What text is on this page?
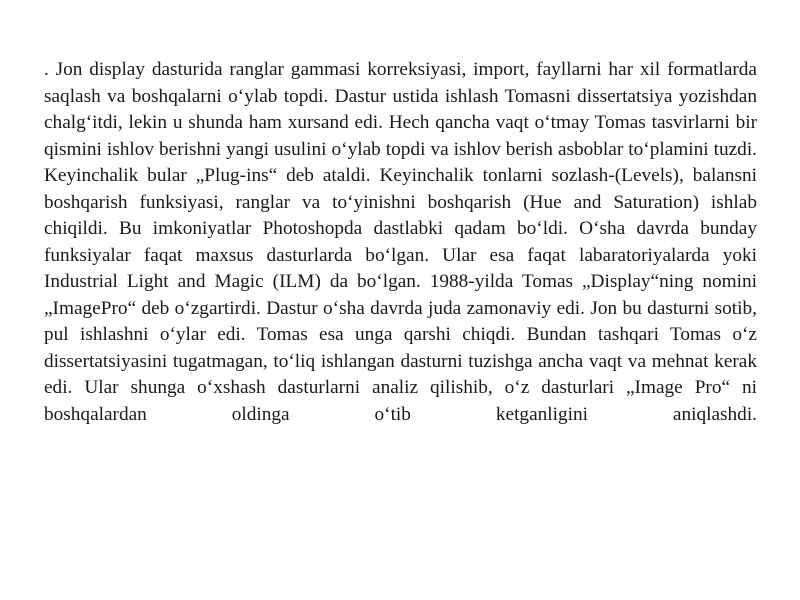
. Jon display dasturida ranglar gammasi korreksiyasi, import, fayllarni har xil formatlarda saqlash va boshqalarni o‘ylab topdi. Dastur ustida ishlash Tomasni dissertatsiya yozishdan chalg‘itdi, lekin u shunda ham xursand edi. Hech qancha vaqt o‘tmay Tomas tasvirlarni bir qismini ishlov berishni yangi usulini o‘ylab topdi va ishlov berish asboblar to‘plamini tuzdi. Keyinchalik bular „Plug-ins“ deb ataldi. Keyinchalik tonlarni sozlash-(Levels), balansni boshqarish funksiyasi, ranglar va to‘yinishni boshqarish (Hue and Saturation) ishlab chiqildi. Bu imkoniyatlar Photoshopda dastlabki qadam bo‘ldi. O‘sha davrda bunday funksiyalar faqat maxsus dasturlarda bo‘lgan. Ular esa faqat labaratoriyalarda yoki Industrial Light and Magic (ILM) da bo‘lgan. 1988-yilda Tomas „Display“ning nomini „ImagePro“ deb o‘zgartirdi. Dastur o‘sha davrda juda zamonaviy edi. Jon bu dasturni sotib, pul ishlashni o‘ylar edi. Tomas esa unga qarshi chiqdi. Bundan tashqari Tomas o‘z dissertatsiyasini tugatmagan, to‘liq ishlangan dasturni tuzishga ancha vaqt va mehnat kerak edi. Ular shunga o‘xshash dasturlarni analiz qilishib, o‘z dasturlari „Image Pro“ ni boshqalardan oldinga o‘tib ketganligini aniqlashdi.
